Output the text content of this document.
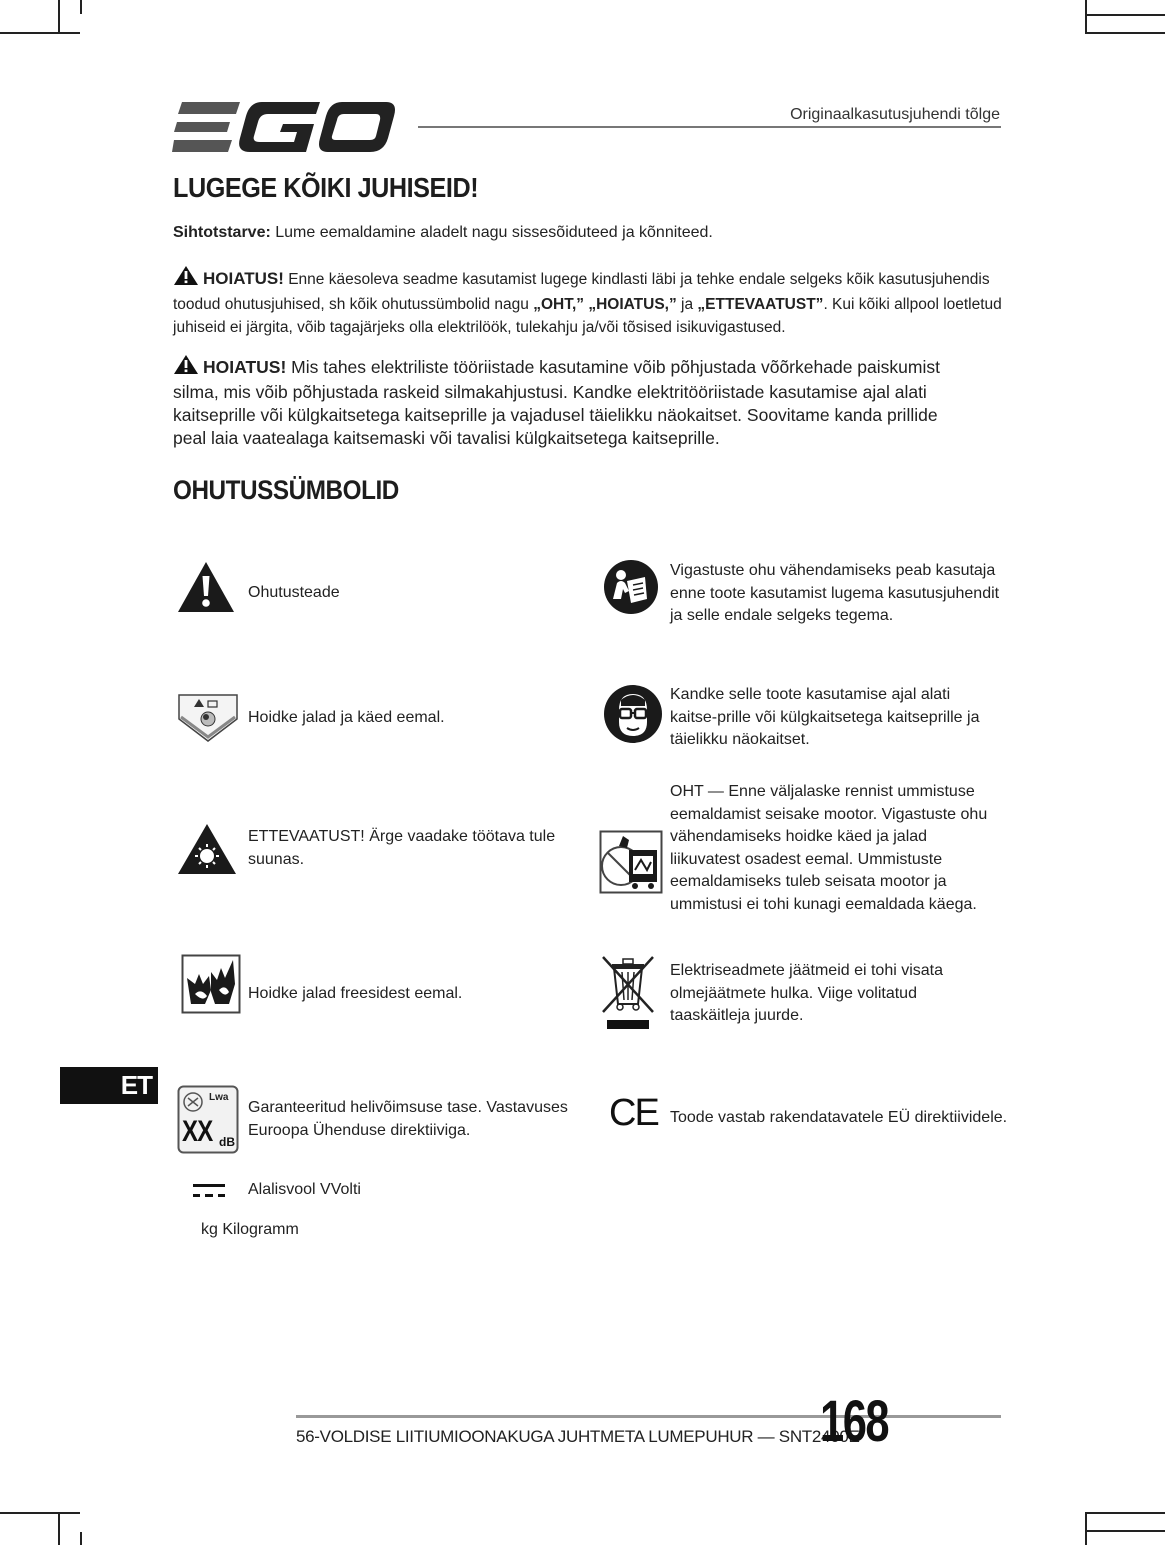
Originaalkasutusjuhendi tõlge
LUGEGE KÕIKI JUHISEID!
Sihtotstarve: Lume eemaldamine aladelt nagu sissesõiduteed ja kõnniteed.
HOIATUS! Enne käesoleva seadme kasutamist lugege kindlasti läbi ja tehke endale selgeks kõik kasutusjuhendis toodud ohutusjuhised, sh kõik ohutussümbolid nagu „OHT,” „HOIATUS,” ja „ETTEVAATUST”. Kui kõiki allpool loetletud juhiseid ei järgita, võib tagajärjeks olla elektrilöök, tulekahju ja/või tõsised isikuvigastused.
HOIATUS! Mis tahes elektriliste tööriistade kasutamine võib põhjustada võõrkehade paiskumist silma, mis võib põhjustada raskeid silmakahjustusi. Kandke elektritööriistade kasutamise ajal alati kaitseprille või külgkaitsetega kaitseprille ja vajadusel täielikku näokaitset. Soovitame kanda prillide peal laia vaatealaga kaitsemaski või tavalisi külgkaitsetega kaitseprille.
OHUTUSSÜMBOLID
Ohutusteade
Hoidke jalad ja käed eemal.
ETTEVAATUST! Ärge vaadake töötava tule suunas.
Hoidke jalad freesidest eemal.
Lwa
XX dB
Garanteeritud helivõimsuse tase. Vastavuses Euroopa Ühenduse direktiiviga.
Alalisvool VVolti
kg Kilogramm
Vigastuste ohu vähendamiseks peab kasutaja enne toote kasutamist lugema kasutusjuhendit ja selle endale selgeks tegema.
Kandke selle toote kasutamise ajal alati kaitse-prille või külgkaitsetega kaitseprille ja täielikku näokaitset.
OHT — Enne väljalaske rennist ummistuse eemaldamist seisake mootor. Vigastuste ohu vähendamiseks hoidke käed ja jalad liikuvatest osadest eemal. Ummistuste eemaldamiseks tuleb seisata mootor ja ummistusi ei tohi kunagi eemaldada käega.
Elektriseadmete jäätmeid ei tohi visata olmejäätmete hulka. Viige volitatud taaskäitleja juurde.
CE Toode vastab rakendatavatele EÜ direktiividele.
ET
56-VOLDISE LIITIUMIOONAKUGA JUHTMETA LUMEPUHUR — SNT2400E
168
